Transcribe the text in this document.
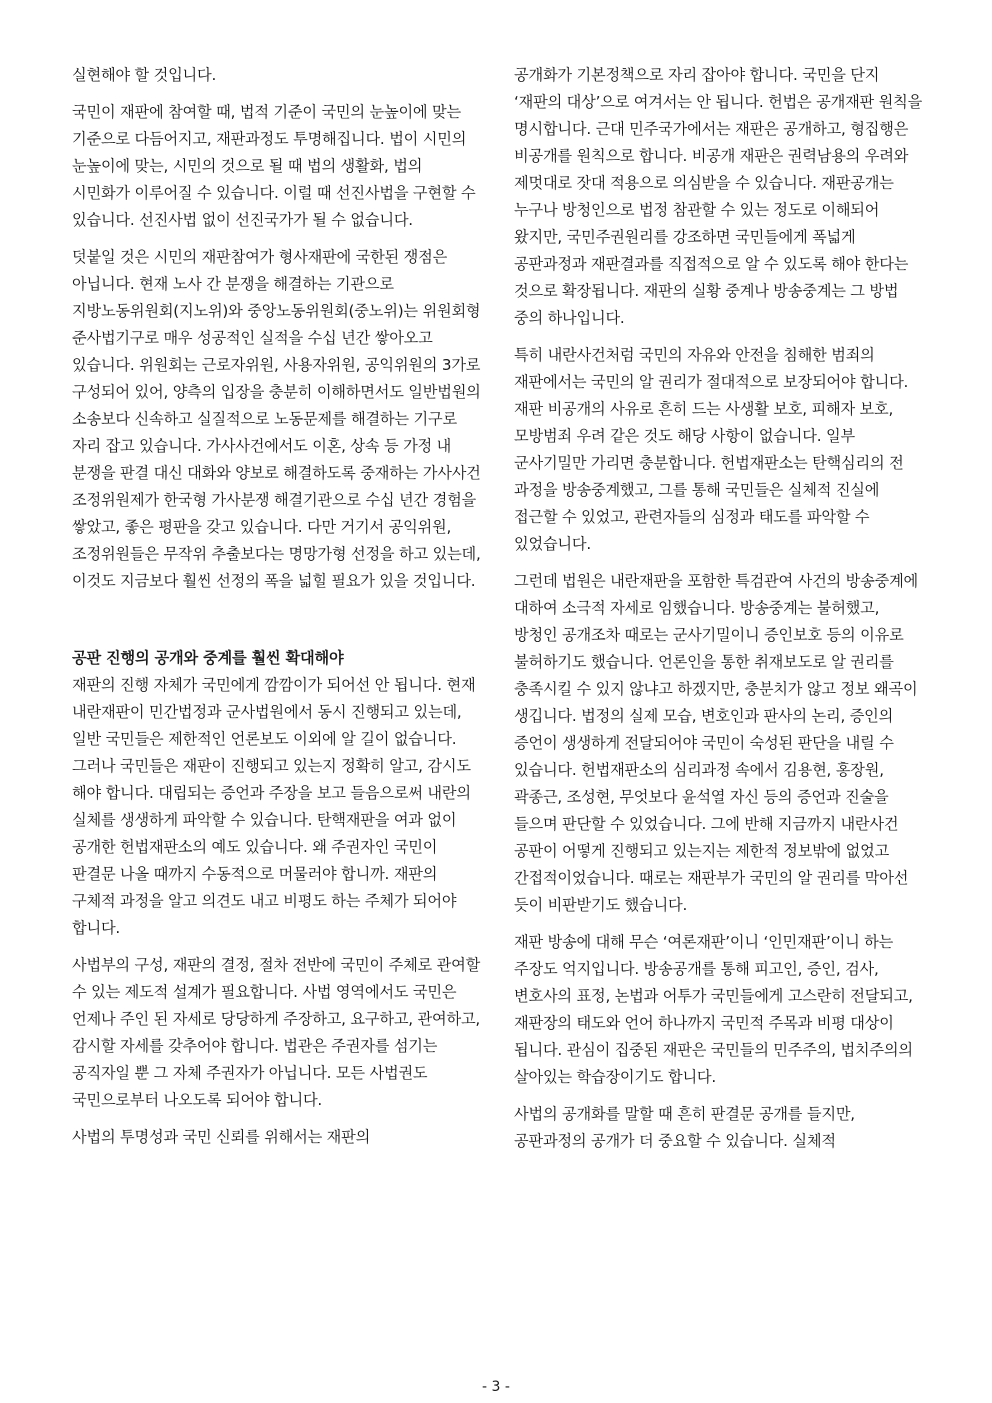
실현해야 할 것입니다.

국민이 재판에 참여할 때, 법적 기준이 국민의 눈높이에 맞는 기준으로 다듬어지고, 재판과정도 투명해집니다. 법이 시민의 눈높이에 맞는, 시민의 것으로 될 때 법의 생활화, 법의 시민화가 이루어질 수 있습니다. 이럴 때 선진사법을 구현할 수 있습니다. 선진사법 없이 선진국가가 될 수 없습니다.

덧붙일 것은 시민의 재판참여가 형사재판에 국한된 쟁점은 아닙니다. 현재 노사 간 분쟁을 해결하는 기관으로 지방노동위원회(지노위)와 중앙노동위원회(중노위)는 위원회형 준사법기구로 매우 성공적인 실적을 수십 년간 쌓아오고 있습니다. 위원회는 근로자위원, 사용자위원, 공익위원의 3가로 구성되어 있어, 양측의 입장을 충분히 이해하면서도 일반법원의 소송보다 신속하고 실질적으로 노동문제를 해결하는 기구로 자리 잡고 있습니다. 가사사건에서도 이혼, 상속 등 가정 내 분쟁을 판결 대신 대화와 양보로 해결하도록 중재하는 가사사건 조정위원제가 한국형 가사분쟁 해결기관으로 수십 년간 경험을 쌓았고, 좋은 평판을 갖고 있습니다. 다만 거기서 공익위원, 조정위원들은 무작위 추출보다는 명망가형 선정을 하고 있는데, 이것도 지금보다 훨씬 선정의 폭을 넓힐 필요가 있을 것입니다.

공판 진행의 공개와 중계를 훨씬 확대해야

재판의 진행 자체가 국민에게 깜깜이가 되어선 안 됩니다. 현재 내란재판이 민간법정과 군사법원에서 동시 진행되고 있는데, 일반 국민들은 제한적인 언론보도 이외에 알 길이 없습니다. 그러나 국민들은 재판이 진행되고 있는지 정확히 알고, 감시도 해야 합니다. 대립되는 증언과 주장을 보고 들음으로써 내란의 실체를 생생하게 파악할 수 있습니다. 탄핵재판을 여과 없이 공개한 헌법재판소의 예도 있습니다. 왜 주권자인 국민이 판결문 나올 때까지 수동적으로 머물러야 합니까. 재판의 구체적 과정을 알고 의견도 내고 비평도 하는 주체가 되어야 합니다.

사법부의 구성, 재판의 결정, 절차 전반에 국민이 주체로 관여할 수 있는 제도적 설계가 필요합니다. 사법 영역에서도 국민은 언제나 주인 된 자세로 당당하게 주장하고, 요구하고, 관여하고, 감시할 자세를 갖추어야 합니다. 법관은 주권자를 섬기는 공직자일 뿐 그 자체 주권자가 아닙니다. 모든 사법권도 국민으로부터 나오도록 되어야 합니다.

사법의 투명성과 국민 신뢰를 위해서는 재판의

공개화가 기본정책으로 자리 잡아야 합니다. 국민을 단지 ‘재판의 대상’으로 여겨서는 안 됩니다. 헌법은 공개재판 원칙을 명시합니다. 근대 민주국가에서는 재판은 공개하고, 형집행은 비공개를 원칙으로 합니다. 비공개 재판은 권력남용의 우려와 제멋대로 잣대 적용으로 의심받을 수 있습니다. 재판공개는 누구나 방청인으로 법정 참관할 수 있는 정도로 이해되어 왔지만, 국민주권원리를 강조하면 국민들에게 폭넓게 공판과정과 재판결과를 직접적으로 알 수 있도록 해야 한다는 것으로 확장됩니다. 재판의 실황 중계나 방송중계는 그 방법 중의 하나입니다.

특히 내란사건처럼 국민의 자유와 안전을 침해한 범죄의 재판에서는 국민의 알 권리가 절대적으로 보장되어야 합니다. 재판 비공개의 사유로 흔히 드는 사생활 보호, 피해자 보호, 모방범죄 우려 같은 것도 해당 사항이 없습니다. 일부 군사기밀만 가리면 충분합니다. 헌법재판소는 탄핵심리의 전 과정을 방송중계했고, 그를 통해 국민들은 실체적 진실에 접근할 수 있었고, 관련자들의 심정과 태도를 파악할 수 있었습니다.

그런데 법원은 내란재판을 포함한 특검관여 사건의 방송중계에 대하여 소극적 자세로 임했습니다. 방송중계는 불허했고, 방청인 공개조차 때로는 군사기밀이니 증인보호 등의 이유로 불허하기도 했습니다. 언론인을 통한 취재보도로 알 권리를 충족시킬 수 있지 않냐고 하겠지만, 충분치가 않고 정보 왜곡이 생깁니다. 법정의 실제 모습, 변호인과 판사의 논리, 증인의 증언이 생생하게 전달되어야 국민이 숙성된 판단을 내릴 수 있습니다. 헌법재판소의 심리과정 속에서 김용현, 홍장원, 곽종근, 조성현, 무엇보다 윤석열 자신 등의 증언과 진술을 들으며 판단할 수 있었습니다. 그에 반해 지금까지 내란사건 공판이 어떻게 진행되고 있는지는 제한적 정보밖에 없었고 간접적이었습니다. 때로는 재판부가 국민의 알 권리를 막아선 듯이 비판받기도 했습니다.

재판 방송에 대해 무슨 ‘여론재판’이니 ‘인민재판’이니 하는 주장도 억지입니다. 방송공개를 통해 피고인, 증인, 검사, 변호사의 표정, 논법과 어투가 국민들에게 고스란히 전달되고, 재판장의 태도와 언어 하나까지 국민적 주목과 비평 대상이 됩니다. 관심이 집중된 재판은 국민들의 민주주의, 법치주의의 살아있는 학습장이기도 합니다.

사법의 공개화를 말할 때 흔히 판결문 공개를 들지만, 공판과정의 공개가 더 중요할 수 있습니다. 실체적

- 3 -
